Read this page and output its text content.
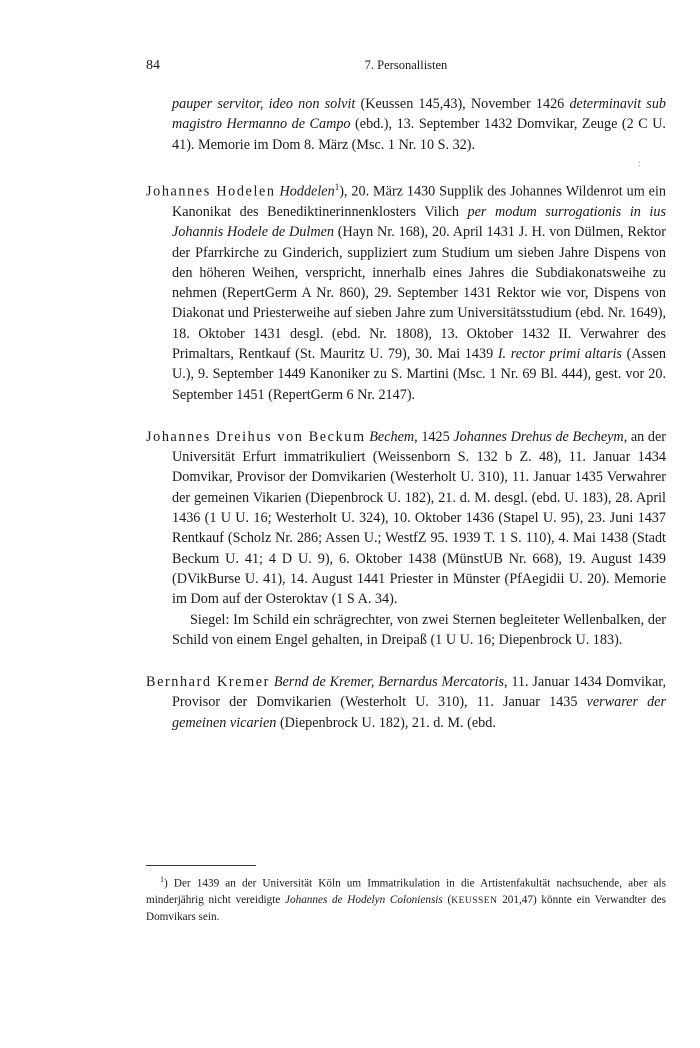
84	7. Personallisten
:

pauper servitor, ideo non solvit (Keussen 145,43), November 1426 determinavit sub magistro Hermanno de Campo (ebd.), 13. September 1432 Domvikar, Zeuge (2 C U. 41). Memorie im Dom 8. März (Msc. 1 Nr. 10 S. 32).

Johannes Hodelen Hoddelen$^1$), 20. März 1430 Supplik des Johannes Wildenrot um ein Kanonikat des Benediktinerinnenklosters Vilich per modum surrogationis in ius Johannis Hodele de Dulmen (Hayn Nr. 168), 20. April 1431 J. H. von Dülmen, Rektor der Pfarrkirche zu Ginderich, suppliziert zum Studium um sieben Jahre Dispens von den höheren Weihen, verspricht, innerhalb eines Jahres die Subdiakonatsweihe zu nehmen (RepertGerm A Nr. 860), 29. September 1431 Rektor wie vor, Dispens von Diakonat und Priesterweihe auf sieben Jahre zum Universitätsstudium (ebd. Nr. 1649), 18. Oktober 1431 desgl. (ebd. Nr. 1808), 13. Oktober 1432 II. Verwahrer des Primaltars, Rentkauf (St. Mauritz U. 79), 30. Mai 1439 I. rector primi altaris (Assen U.), 9. September 1449 Kanoniker zu S. Martini (Msc. 1 Nr. 69 Bl. 444), gest. vor 20. September 1451 (RepertGerm 6 Nr. 2147).

Johannes Dreihus von Beckum Bechem, 1425 Johannes Drehus de Becheym, an der Universität Erfurt immatrikuliert (Weissenborn S. 132 b Z. 48), 11. Januar 1434 Domvikar, Provisor der Domvikarien (Westerholt U. 310), 11. Januar 1435 Verwahrer der gemeinen Vikarien (Diepenbrock U. 182), 21. d. M. desgl. (ebd. U. 183), 28. April 1436 (1 U U. 16; Westerholt U. 324), 10. Oktober 1436 (Stapel U. 95), 23. Juni 1437 Rentkauf (Scholz Nr. 286; Assen U.; WestfZ 95. 1939 T. 1 S. 110), 4. Mai 1438 (Stadt Beckum U. 41; 4 D U. 9), 6. Oktober 1438 (MünstUB Nr. 668), 19. August 1439 (DVikBurse U. 41), 14. August 1441 Priester in Münster (PfAegidii U. 20). Memorie im Dom auf der Osteroktav (1 S A. 34).

Siegel: Im Schild ein schrägrechter, von zwei Sternen begleiteter Wellenbalken, der Schild von einem Engel gehalten, in Dreipaß (1 U U. 16; Diepenbrock U. 183).

Bernhard Kremer Bernd de Kremer, Bernardus Mercatoris, 11. Januar 1434 Domvikar, Provisor der Domvikarien (Westerholt U. 310), 11. Januar 1435 verwarer der gemeinen vicarien (Diepenbrock U. 182), 21. d. M. (ebd.

$^1$) Der 1439 an der Universität Köln um Immatrikulation in die Artistenfakultät nachsuchende, aber als minderjährig nicht vereidigte Johannes de Hodelyn Coloniensis (KEUSSEN 201,47) könnte ein Verwandter des Domvikars sein.
